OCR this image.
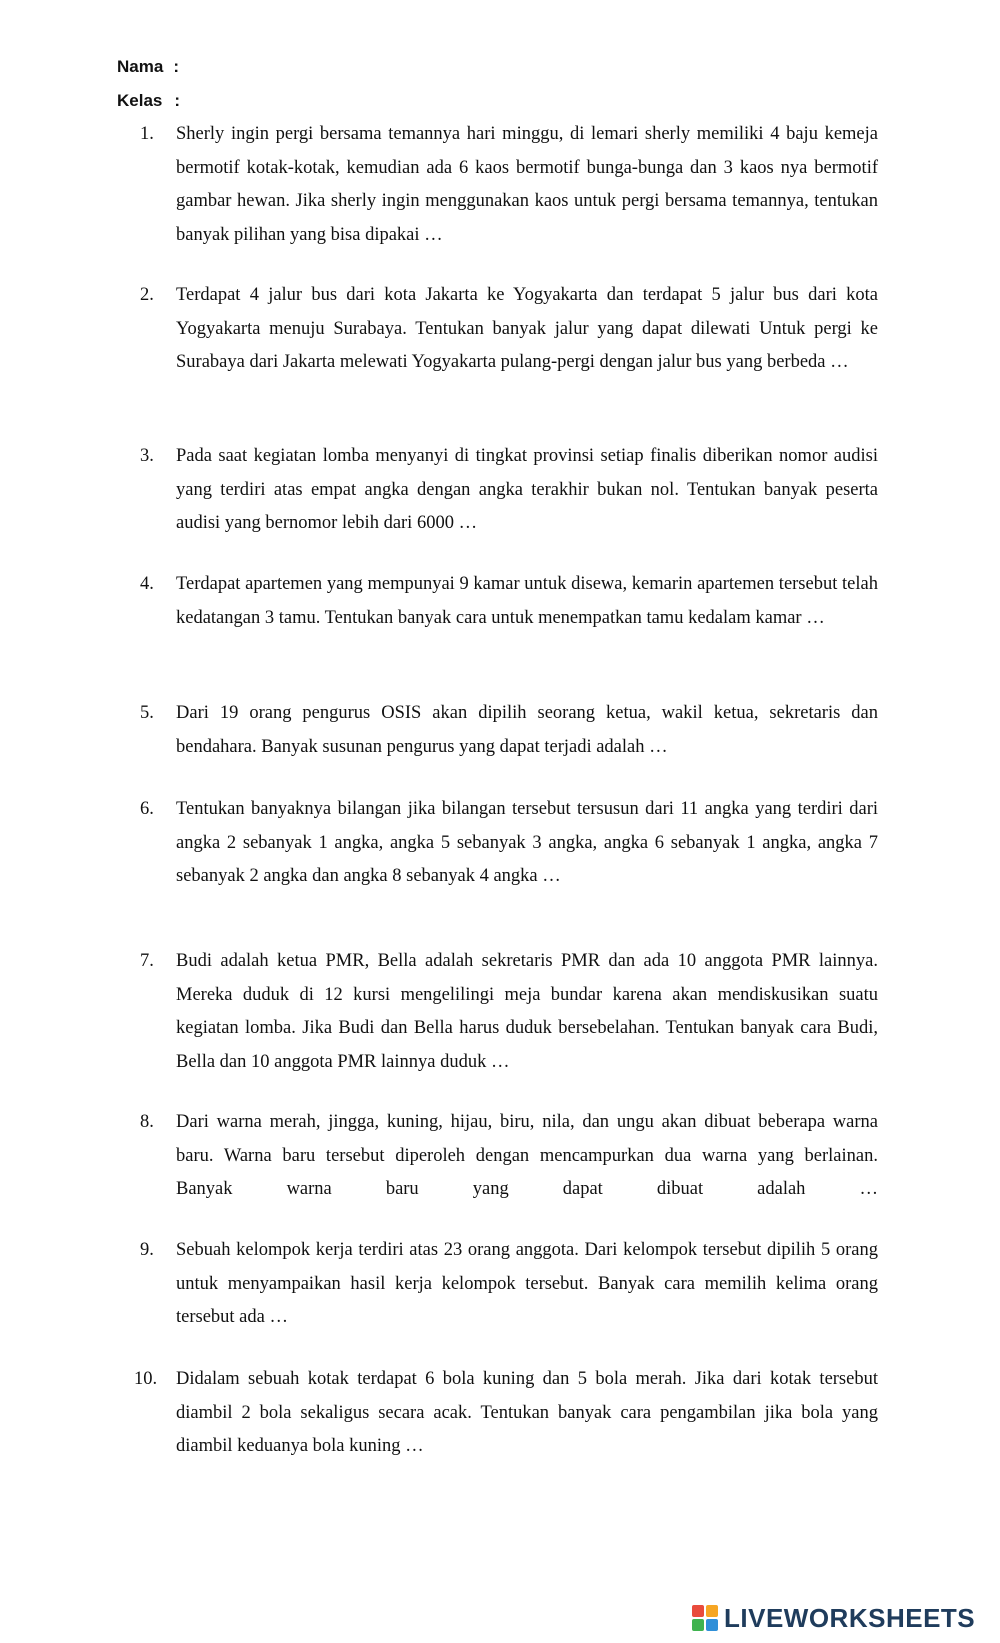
Nama :
Kelas :
1.	Sherly ingin pergi bersama temannya hari minggu, di lemari sherly memiliki 4 baju kemeja bermotif kotak-kotak, kemudian ada 6 kaos bermotif bunga-bunga dan 3 kaos nya bermotif gambar hewan. Jika sherly ingin menggunakan kaos untuk pergi bersama temannya, tentukan banyak pilihan yang bisa dipakai …
2.	Terdapat 4 jalur bus dari kota Jakarta ke Yogyakarta dan terdapat 5 jalur bus dari kota Yogyakarta menuju Surabaya. Tentukan banyak jalur yang dapat dilewati Untuk pergi ke Surabaya dari Jakarta melewati Yogyakarta pulang-pergi dengan jalur bus yang berbeda …
3.	Pada saat kegiatan lomba menyanyi di tingkat provinsi setiap finalis diberikan nomor audisi yang terdiri atas empat angka dengan angka terakhir bukan nol. Tentukan banyak peserta audisi yang bernomor lebih dari 6000 …
4.	Terdapat apartemen yang mempunyai 9 kamar untuk disewa, kemarin apartemen tersebut telah kedatangan 3 tamu. Tentukan banyak cara untuk menempatkan tamu kedalam kamar …
5.	Dari 19 orang pengurus OSIS akan dipilih seorang ketua, wakil ketua, sekretaris dan bendahara. Banyak susunan pengurus yang dapat terjadi adalah …
6.	Tentukan banyaknya bilangan jika bilangan tersebut tersusun dari 11 angka yang terdiri dari angka 2 sebanyak 1 angka, angka 5 sebanyak 3 angka, angka 6 sebanyak 1 angka, angka 7 sebanyak 2 angka dan angka 8 sebanyak 4 angka …
7.	Budi adalah ketua PMR, Bella adalah sekretaris PMR dan ada 10 anggota PMR lainnya. Mereka duduk di 12 kursi mengelilingi meja bundar karena akan mendiskusikan suatu kegiatan lomba. Jika Budi dan Bella harus duduk bersebelahan. Tentukan banyak cara Budi, Bella dan 10 anggota PMR lainnya duduk …
8.	Dari warna merah, jingga, kuning, hijau, biru, nila, dan ungu akan dibuat beberapa warna baru. Warna baru tersebut diperoleh dengan mencampurkan dua warna yang berlainan.
Banyak	warna	baru	yang	dapat	dibuat	adalah	…
9.	Sebuah kelompok kerja terdiri atas 23 orang anggota. Dari kelompok tersebut dipilih 5 orang untuk menyampaikan hasil kerja kelompok tersebut. Banyak cara memilih kelima orang tersebut ada …
10.	Didalam sebuah kotak terdapat 6 bola kuning dan 5 bola merah. Jika dari kotak tersebut diambil 2 bola sekaligus secara acak. Tentukan banyak cara pengambilan jika bola yang diambil keduanya bola kuning …
LIVEWORKSHEETS
